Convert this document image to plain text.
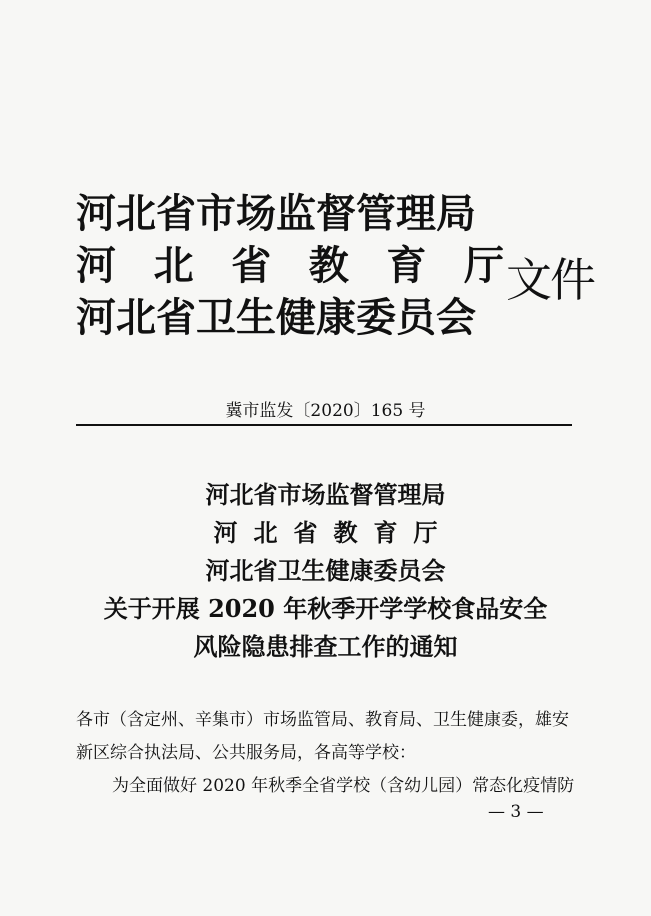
河北省市场监督管理局
河 北 省 教 育 厅
河北省卫生健康委员会
文件
冀市监发〔2020〕165 号
河北省市场监督管理局
河北省教育厅
河北省卫生健康委员会
关于开展 2020 年秋季开学学校食品安全
风险隐患排查工作的通知

各市（含定州、辛集市）市场监管局、教育局、卫生健康委，雄安

新区综合执法局、公共服务局，各高等学校：

为全面做好 2020 年秋季全省学校（含幼儿园）常态化疫情防

— 3 —
